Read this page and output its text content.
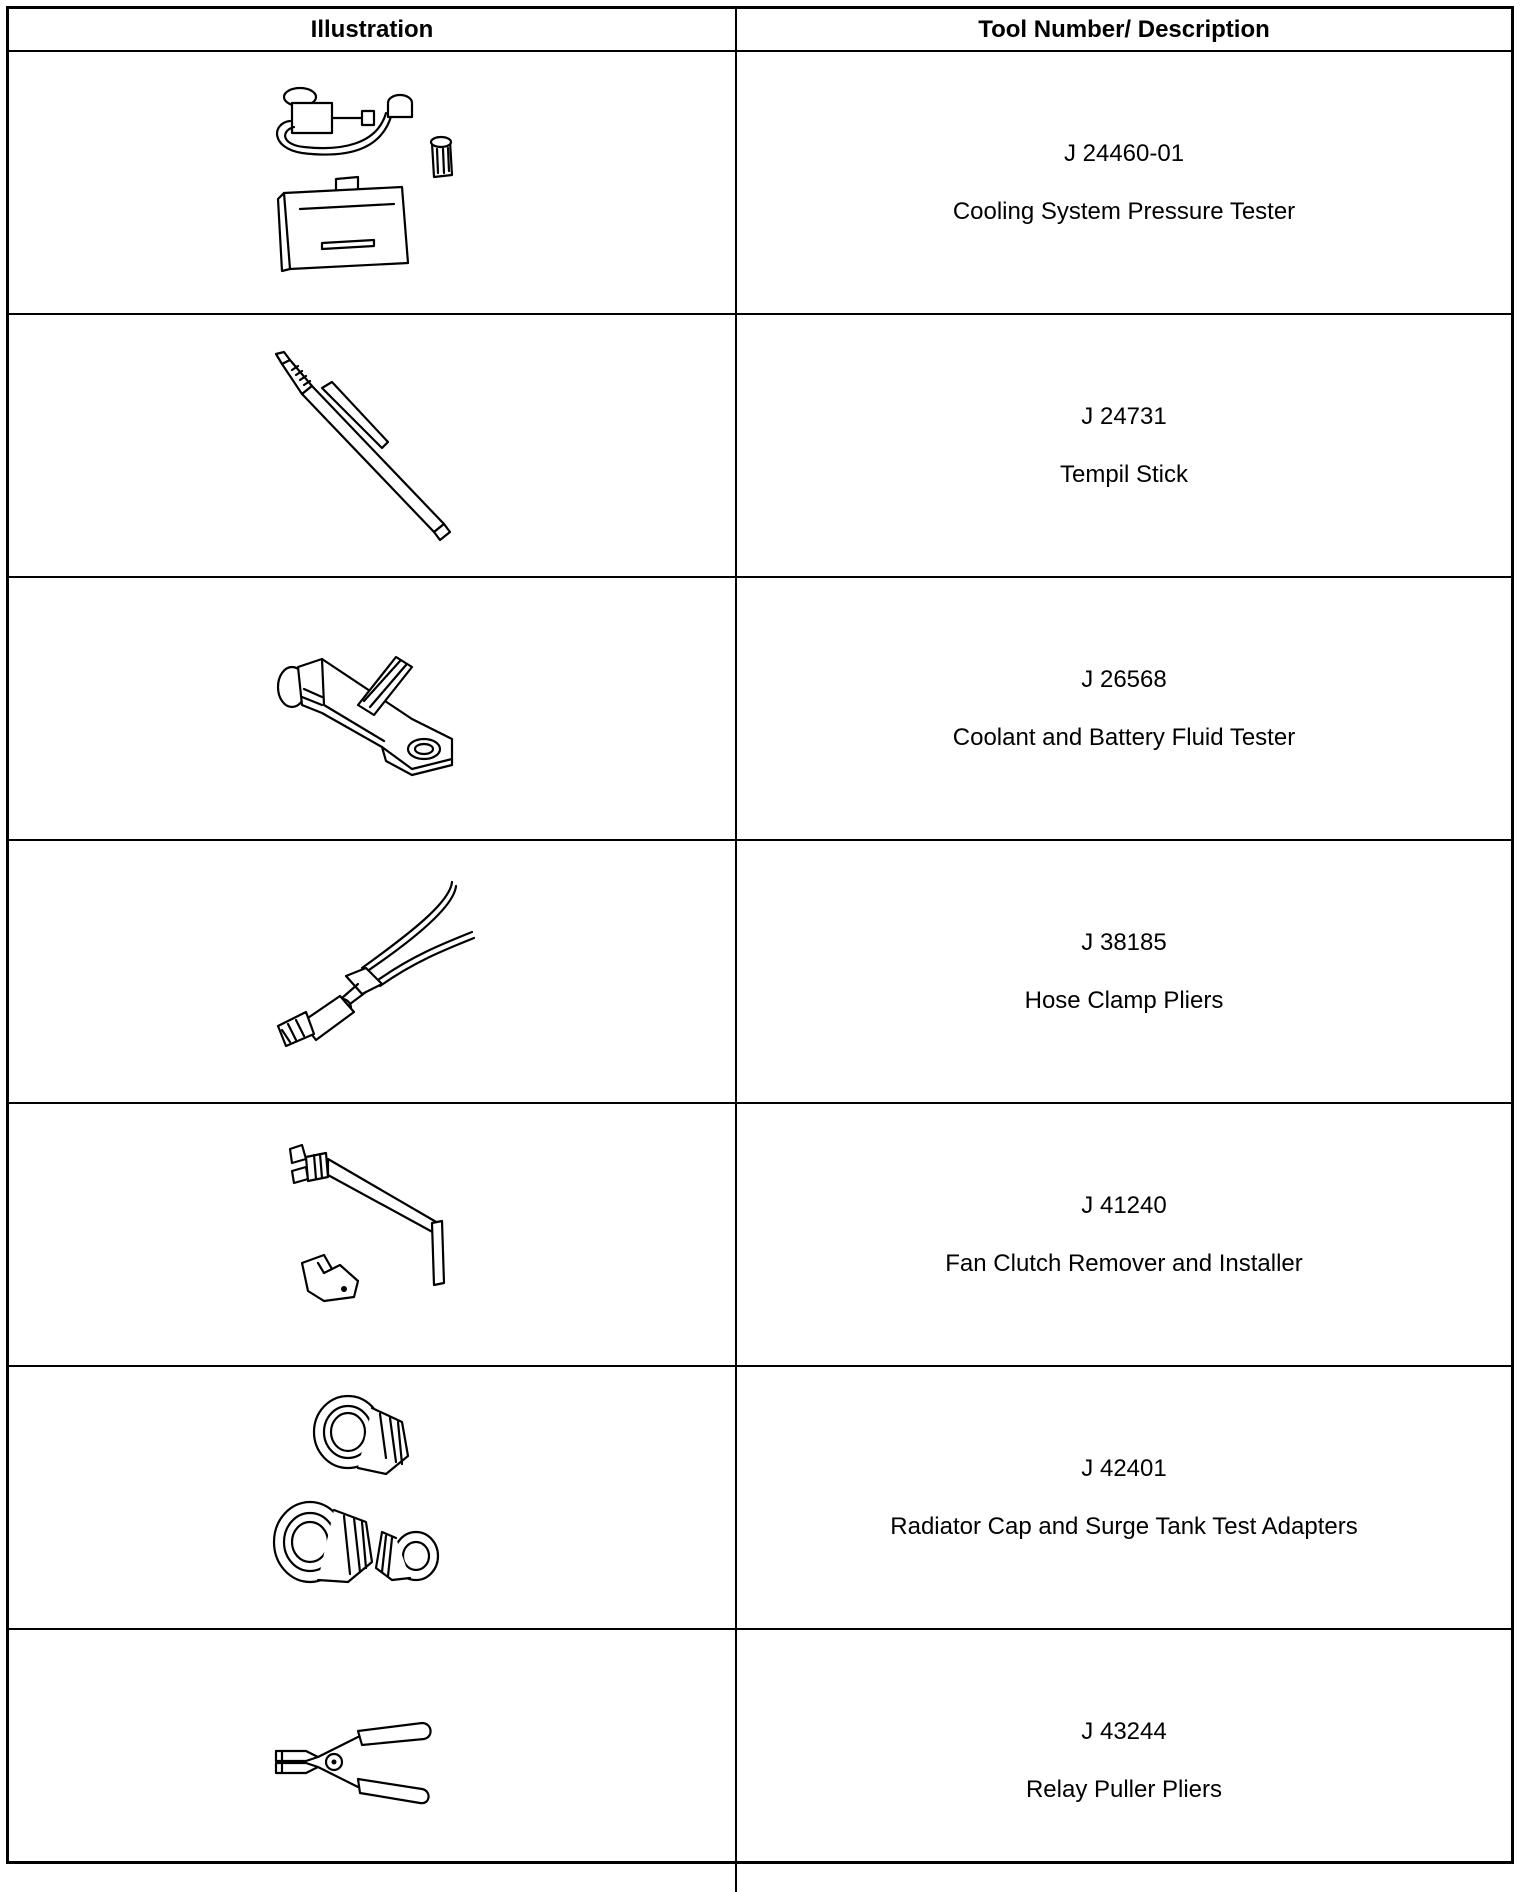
Illustration	Tool Number/ Description

J 24460-01
Cooling System Pressure Tester

J 24731
Tempil Stick

J 26568
Coolant and Battery Fluid Tester

J 38185
Hose Clamp Pliers

J 41240
Fan Clutch Remover and Installer

J 42401
Radiator Cap and Surge Tank Test Adapters

J 43244
Relay Puller Pliers
